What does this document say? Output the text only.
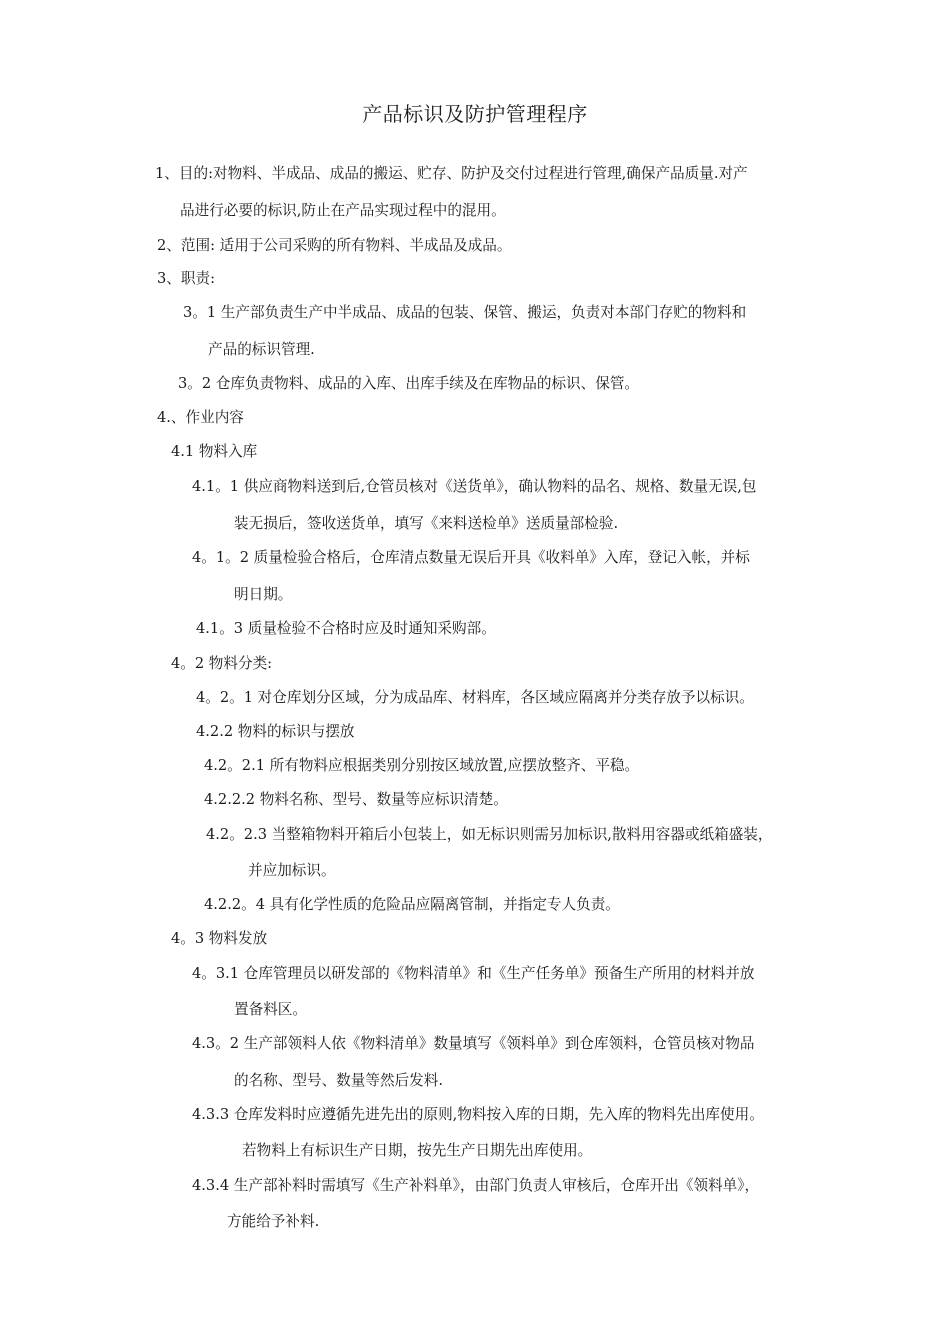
产品标识及防护管理程序
1、目的:对物料、半成品、成品的搬运、贮存、防护及交付过程进行管理,确保产品质量.对产
品进行必要的标识,防止在产品实现过程中的混用。
2、范围: 适用于公司采购的所有物料、半成品及成品。
3、职责:
3。1 生产部负责生产中半成品、成品的包装、保管、搬运，负责对本部门存贮的物料和
产品的标识管理.
3。2 仓库负责物料、成品的入库、出库手续及在库物品的标识、保管。
4.、作业内容
4.1 物料入库
4.1。1 供应商物料送到后,仓管员核对《送货单》，确认物料的品名、规格、数量无误,包
装无损后，签收送货单，填写《来料送检单》送质量部检验.
4。1。2 质量检验合格后，仓库清点数量无误后开具《收料单》入库，登记入帐，并标
明日期。
4.1。3 质量检验不合格时应及时通知采购部。
4。2 物料分类:
4。2。1 对仓库划分区域，分为成品库、材料库，各区域应隔离并分类存放予以标识。
4.2.2 物料的标识与摆放
4.2。2.1 所有物料应根据类别分别按区域放置,应摆放整齐、平稳。
4.2.2.2 物料名称、型号、数量等应标识清楚。
4.2。2.3 当整箱物料开箱后小包装上，如无标识则需另加标识,散料用容器或纸箱盛装，
并应加标识。
4.2.2。4 具有化学性质的危险品应隔离管制，并指定专人负责。
4。3 物料发放
4。3.1 仓库管理员以研发部的《物料清单》和《生产任务单》预备生产所用的材料并放
置备料区。
4.3。2 生产部领料人依《物料清单》数量填写《领料单》到仓库领料，仓管员核对物品
的名称、型号、数量等然后发料.
4.3.3 仓库发料时应遵循先进先出的原则,物料按入库的日期，先入库的物料先出库使用。
若物料上有标识生产日期，按先生产日期先出库使用。
4.3.4 生产部补料时需填写《生产补料单》，由部门负责人审核后，仓库开出《领料单》，
方能给予补料.
